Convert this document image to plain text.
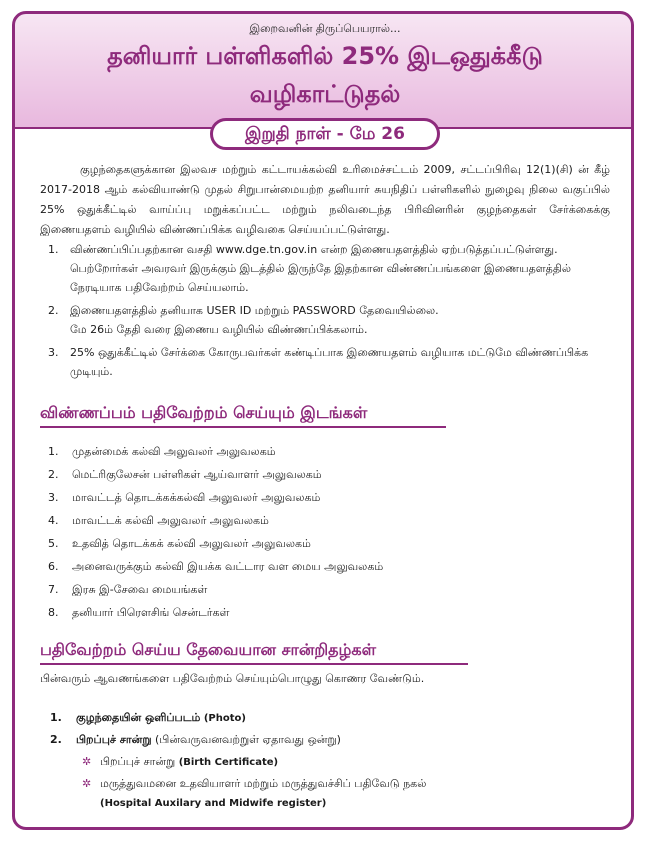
இறைவனின் திருப்பெயரால்...
தனியார் பள்ளிகளில் 25% இடஒதுக்கீடு
வழிகாட்டுதல்
இறுதி நாள் - மே 26
குழந்தைகளுக்கான இலவச மற்றும் கட்டாயக்கல்வி உரிமைச்சட்டம் 2009, சட்டப்பிரிவு 12(1)(சி) ன் கீழ் 2017-2018 ஆம் கல்வியாண்டு முதல் சிறுபான்மையற்ற தனியார் சுயநிதிப் பள்ளிகளில் நுழைவு நிலை வகுப்பில் 25% ஒதுக்கீட்டில் வாய்ப்பு மறுக்கப்பட்ட மற்றும் நலிவடைந்த பிரிவினரின் குழந்தைகள் சேர்க்கைக்கு இணையதளம் வழியில் விண்ணப்பிக்க வழிவகை செய்யப்பட்டுள்ளது.
1. விண்ணப்பிப்பதற்கான வசதி www.dge.tn.gov.in என்ற இணையதளத்தில் ஏற்படுத்தப்பட்டுள்ளது. பெற்றோர்கள் அவரவர் இருக்கும் இடத்தில் இருந்தே இதற்கான விண்ணப்பங்களை இணையதளத்தில் நேரடியாக பதிவேற்றம் செய்யலாம்.
2. இணையதளத்தில் தனியாக USER ID மற்றும் PASSWORD தேவையில்லை.
மே 26ம் தேதி வரை இணைய வழியில் விண்ணப்பிக்கலாம்.
3. 25% ஒதுக்கீட்டில் சேர்க்கை கோருபவர்கள் கண்டிப்பாக இணையதளம் வழியாக மட்டுமே விண்ணப்பிக்க முடியும்.
விண்ணப்பம் பதிவேற்றம் செய்யும் இடங்கள்
1. முதன்மைக் கல்வி அலுவலர் அலுவலகம்
2. மெட்ரிகுலேசன் பள்ளிகள் ஆய்வாளர் அலுவலகம்
3. மாவட்டத் தொடக்கக்கல்வி அலுவலர் அலுவலகம்
4. மாவட்டக் கல்வி அலுவலர் அலுவலகம்
5. உதவித் தொடக்கக் கல்வி அலுவலர் அலுவலகம்
6. அனைவருக்கும் கல்வி இயக்க வட்டார வள மைய அலுவலகம்
7. இரசு இ-சேவை மையங்கள்
8. தனியார் பிரௌசிங் சென்டர்கள்
பதிவேற்றம் செய்ய தேவையான சான்றிதழ்கள்
பின்வரும் ஆவணங்களை பதிவேற்றம் செய்யும்பொழுது கொணர வேண்டும்.
1. குழந்தையின் ஒளிப்படம் (Photo)
2. பிறப்புச் சான்று (பின்வருவனவற்றுள் ஏதாவது ஒன்று)
✲ பிறப்புச் சான்று (Birth Certificate)
✲ மருத்துவமனை உதவியாளர் மற்றும் மருத்துவச்சிப் பதிவேடு நகல்
(Hospital Auxilary and Midwife register)
